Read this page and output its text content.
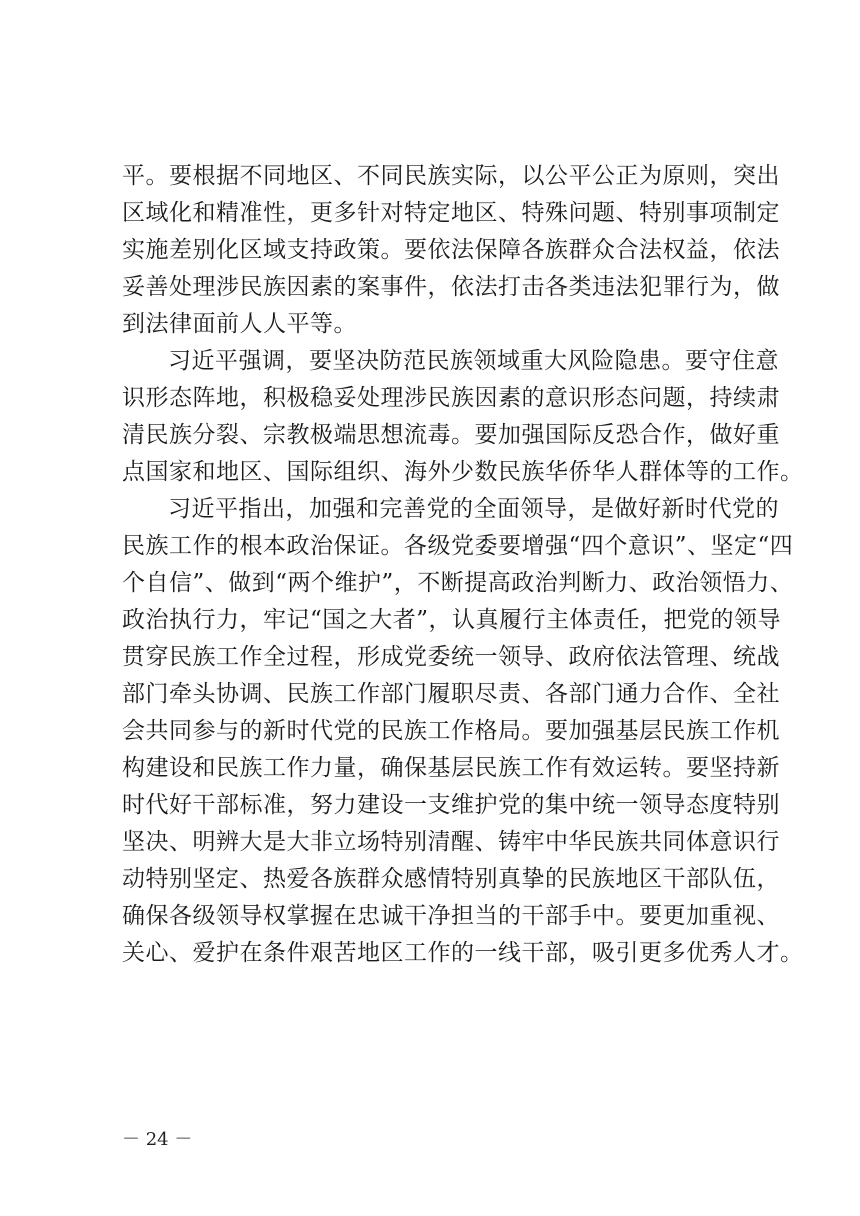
平。要根据不同地区、不同民族实际，以公平公正为原则，突出
区域化和精准性，更多针对特定地区、特殊问题、特别事项制定
实施差别化区域支持政策。要依法保障各族群众合法权益，依法
妥善处理涉民族因素的案事件，依法打击各类违法犯罪行为，做
到法律面前人人平等。
习近平强调，要坚决防范民族领域重大风险隐患。要守住意
识形态阵地，积极稳妥处理涉民族因素的意识形态问题，持续肃
清民族分裂、宗教极端思想流毒。要加强国际反恐合作，做好重
点国家和地区、国际组织、海外少数民族华侨华人群体等的工作。
习近平指出，加强和完善党的全面领导，是做好新时代党的
民族工作的根本政治保证。各级党委要增强“四个意识”、坚定“四
个自信”、做到“两个维护”，不断提高政治判断力、政治领悟力、
政治执行力，牢记“国之大者”，认真履行主体责任，把党的领导
贯穿民族工作全过程，形成党委统一领导、政府依法管理、统战
部门牵头协调、民族工作部门履职尽责、各部门通力合作、全社
会共同参与的新时代党的民族工作格局。要加强基层民族工作机
构建设和民族工作力量，确保基层民族工作有效运转。要坚持新
时代好干部标准，努力建设一支维护党的集中统一领导态度特别
坚决、明辨大是大非立场特别清醒、铸牢中华民族共同体意识行
动特别坚定、热爱各族群众感情特别真挚的民族地区干部队伍，
确保各级领导权掌握在忠诚干净担当的干部手中。要更加重视、
关心、爱护在条件艰苦地区工作的一线干部，吸引更多优秀人才。
－ 24 －
